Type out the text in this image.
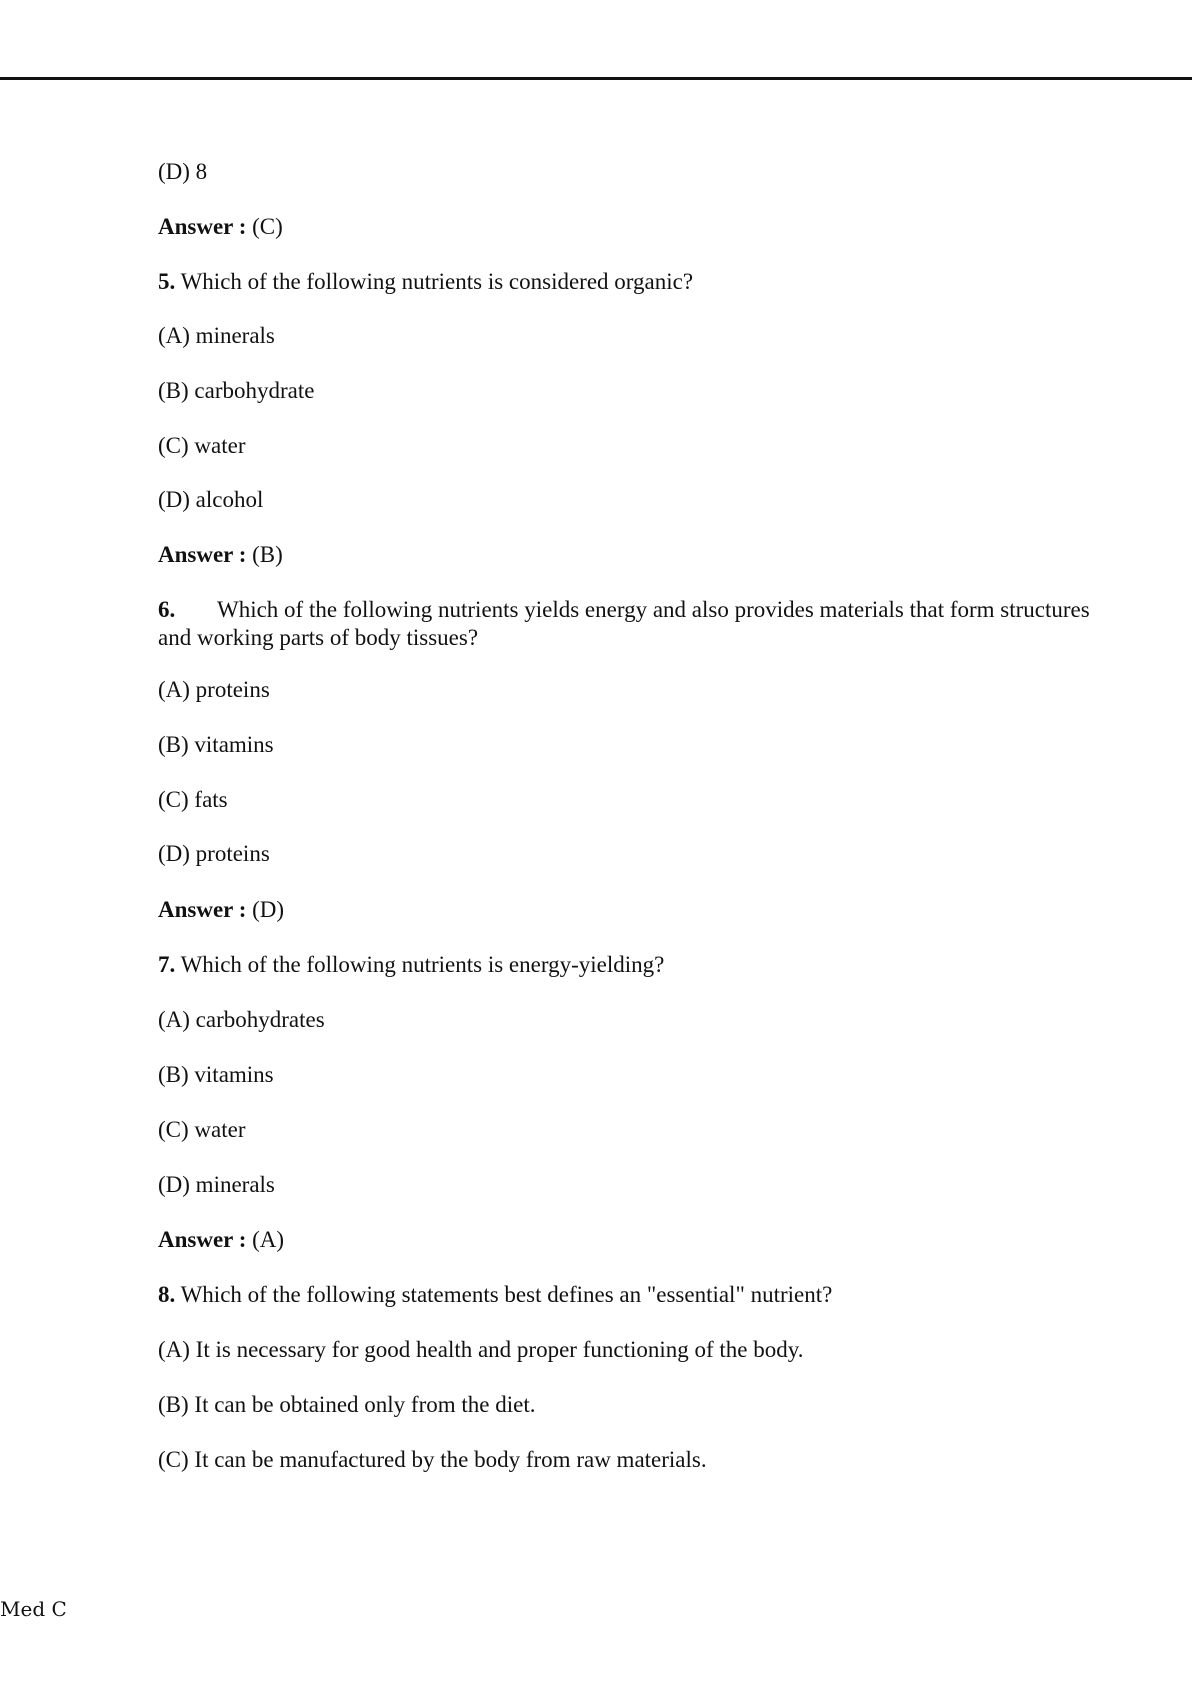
(D) 8
Answer : (C)
5. Which of the following nutrients is considered organic?
(A) minerals
(B) carbohydrate
(C) water
(D) alcohol
Answer : (B)
6. Which of the following nutrients yields energy and also provides materials that form structures and working parts of body tissues?
(A) proteins
(B) vitamins
(C) fats
(D) proteins
Answer : (D)
7. Which of the following nutrients is energy-yielding?
(A) carbohydrates
(B) vitamins
(C) water
(D) minerals
Answer : (A)
8. Which of the following statements best defines an "essential" nutrient?
(A) It is necessary for good health and proper functioning of the body.
(B) It can be obtained only from the diet.
(C) It can be manufactured by the body from raw materials.
Med C
